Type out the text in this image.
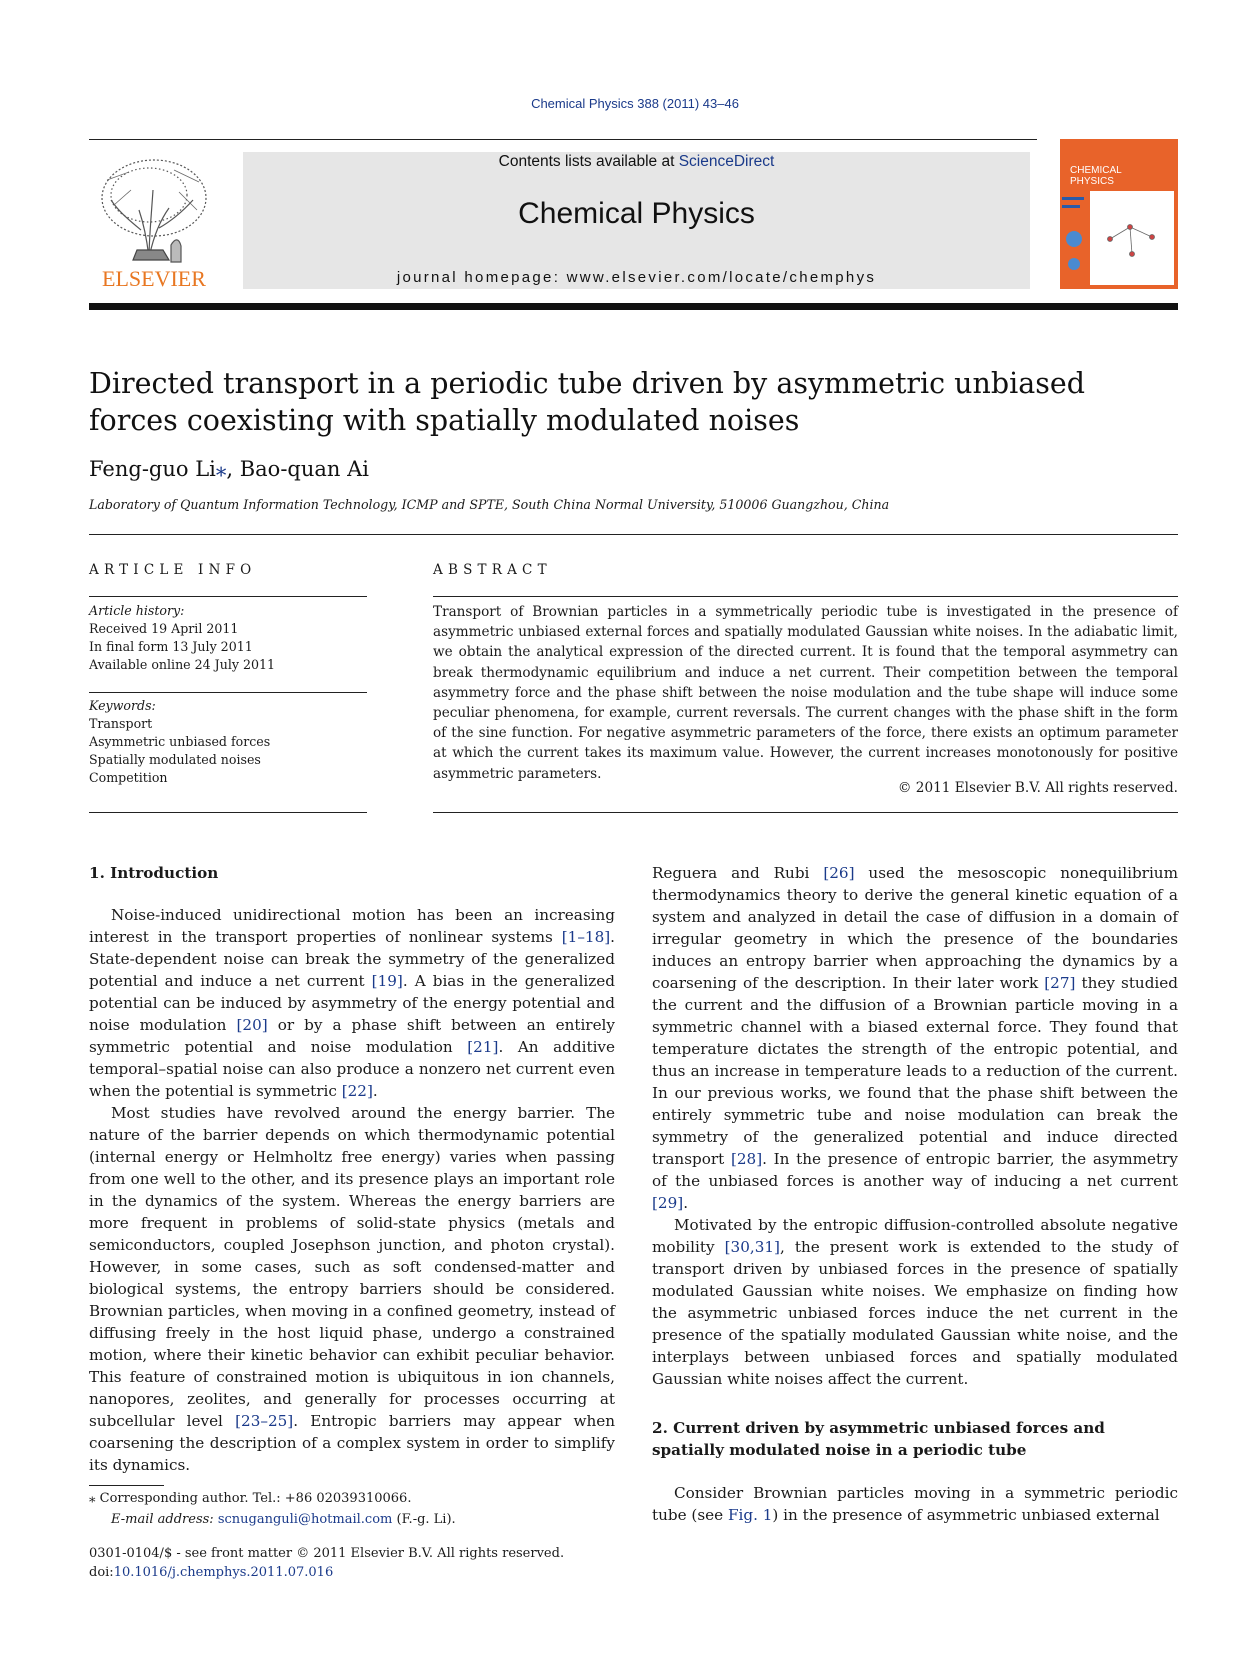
Chemical Physics 388 (2011) 43–46
ELSEVIER
Contents lists available at ScienceDirect
Chemical Physics
journal homepage: www.elsevier.com/locate/chemphys
CHEMICAL
PHYSICS
Directed transport in a periodic tube driven by asymmetric unbiased forces coexisting with spatially modulated noises
Feng-guo Li⁎, Bao-quan Ai
Laboratory of Quantum Information Technology, ICMP and SPTE, South China Normal University, 510006 Guangzhou, China
ARTICLE INFO
Article history:
Received 19 April 2011
In final form 13 July 2011
Available online 24 July 2011
Keywords:
Transport
Asymmetric unbiased forces
Spatially modulated noises
Competition
ABSTRACT
Transport of Brownian particles in a symmetrically periodic tube is investigated in the presence of asymmetric unbiased external forces and spatially modulated Gaussian white noises. In the adiabatic limit, we obtain the analytical expression of the directed current. It is found that the temporal asymmetry can break thermodynamic equilibrium and induce a net current. Their competition between the temporal asymmetry force and the phase shift between the noise modulation and the tube shape will induce some peculiar phenomena, for example, current reversals. The current changes with the phase shift in the form of the sine function. For negative asymmetric parameters of the force, there exists an optimum parameter at which the current takes its maximum value. However, the current increases monotonously for positive asymmetric parameters.
© 2011 Elsevier B.V. All rights reserved.
1. Introduction

Noise-induced unidirectional motion has been an increasing interest in the transport properties of nonlinear systems [1–18]. State-dependent noise can break the symmetry of the generalized potential and induce a net current [19]. A bias in the generalized potential can be induced by asymmetry of the energy potential and noise modulation [20] or by a phase shift between an entirely symmetric potential and noise modulation [21]. An additive temporal–spatial noise can also produce a nonzero net current even when the potential is symmetric [22].

Most studies have revolved around the energy barrier. The nature of the barrier depends on which thermodynamic potential (internal energy or Helmholtz free energy) varies when passing from one well to the other, and its presence plays an important role in the dynamics of the system. Whereas the energy barriers are more frequent in problems of solid-state physics (metals and semiconductors, coupled Josephson junction, and photon crystal). However, in some cases, such as soft condensed-matter and biological systems, the entropy barriers should be considered. Brownian particles, when moving in a confined geometry, instead of diffusing freely in the host liquid phase, undergo a constrained motion, where their kinetic behavior can exhibit peculiar behavior. This feature of constrained motion is ubiquitous in ion channels, nanopores, zeolites, and generally for processes occurring at subcellular level [23–25]. Entropic barriers may appear when coarsening the description of a complex system in order to simplify its dynamics.

Reguera and Rubi [26] used the mesoscopic nonequilibrium thermodynamics theory to derive the general kinetic equation of a system and analyzed in detail the case of diffusion in a domain of irregular geometry in which the presence of the boundaries induces an entropy barrier when approaching the dynamics by a coarsening of the description. In their later work [27] they studied the current and the diffusion of a Brownian particle moving in a symmetric channel with a biased external force. They found that temperature dictates the strength of the entropic potential, and thus an increase in temperature leads to a reduction of the current. In our previous works, we found that the phase shift between the entirely symmetric tube and noise modulation can break the symmetry of the generalized potential and induce directed transport [28]. In the presence of entropic barrier, the asymmetry of the unbiased forces is another way of inducing a net current [29].

Motivated by the entropic diffusion-controlled absolute negative mobility [30,31], the present work is extended to the study of transport driven by unbiased forces in the presence of spatially modulated Gaussian white noises. We emphasize on finding how the asymmetric unbiased forces induce the net current in the presence of the spatially modulated Gaussian white noise, and the interplays between unbiased forces and spatially modulated Gaussian white noises affect the current.

2. Current driven by asymmetric unbiased forces and spatially modulated noise in a periodic tube

Consider Brownian particles moving in a symmetric periodic tube (see Fig. 1) in the presence of asymmetric unbiased external

⁎ Corresponding author. Tel.: +86 02039310066.
E-mail address: scnuganguli@hotmail.com (F.-g. Li).
0301-0104/$ - see front matter © 2011 Elsevier B.V. All rights reserved.
doi:10.1016/j.chemphys.2011.07.016
